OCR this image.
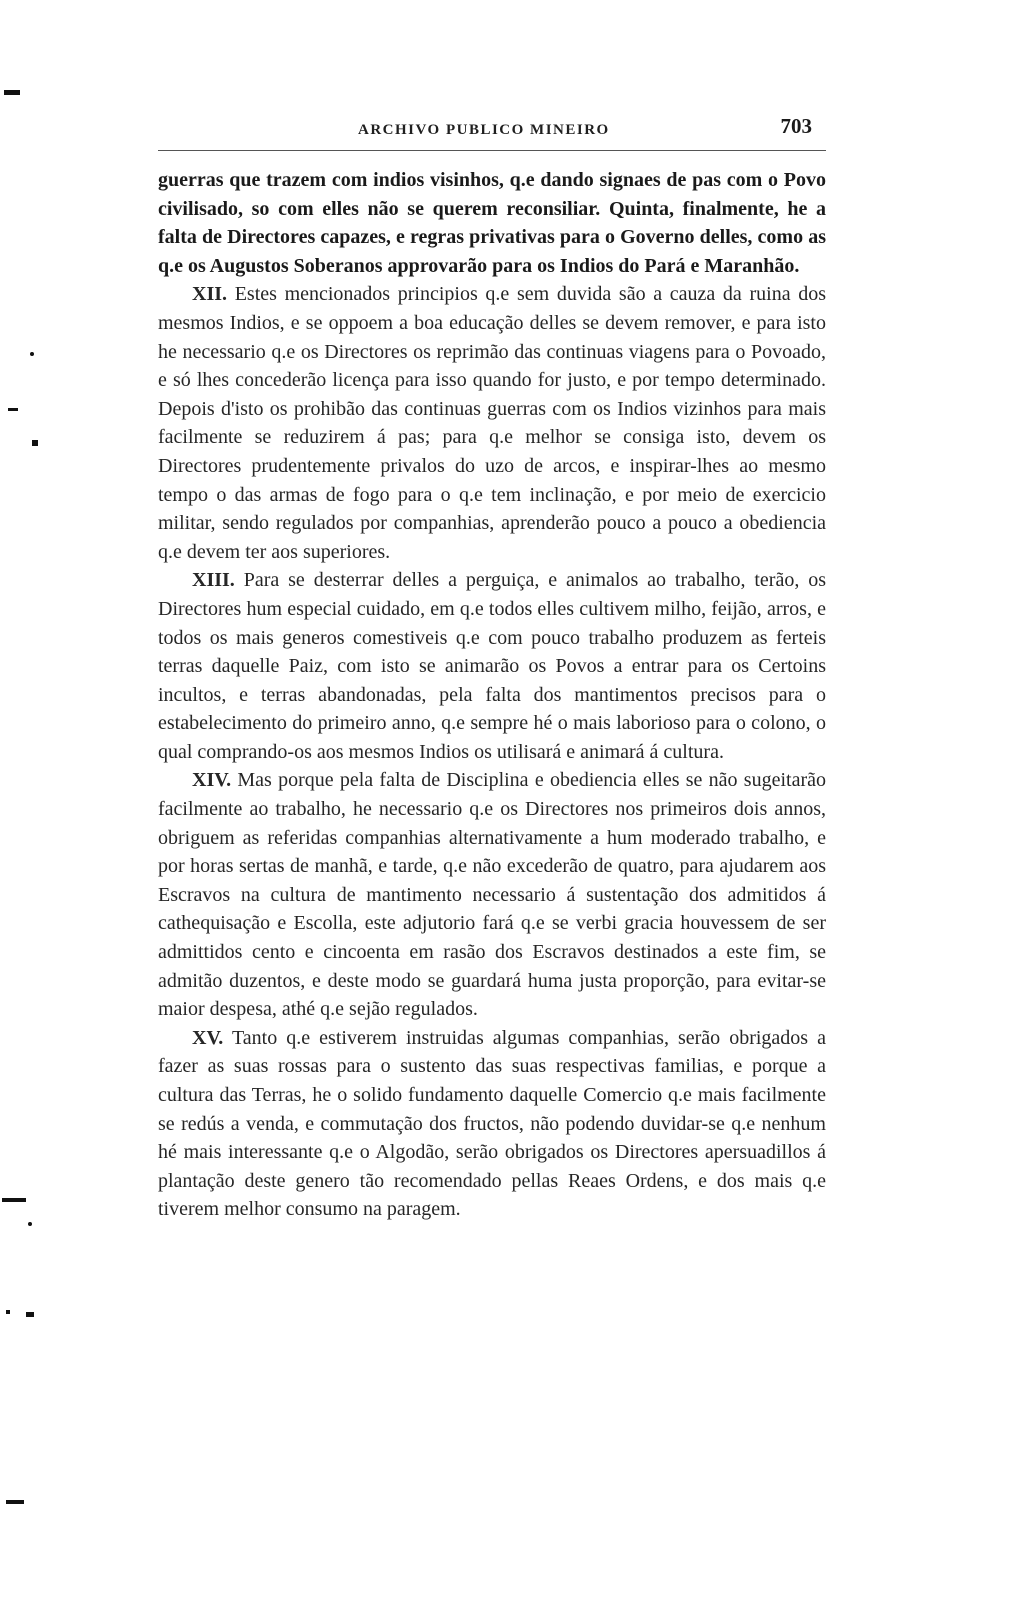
ARCHIVO PUBLICO MINEIRO	703

guerras que trazem com indios visinhos, q.e dando signaes de pas com o Povo civilisado, so com elles não se querem reconsiliar. Quinta, finalmente, he a falta de Directores capazes, e regras privativas para o Governo delles, como as q.e os Augustos Soberanos approvarão para os Indios do Pará e Maranhão.

XII. Estes mencionados principios q.e sem duvida são a cauza da ruina dos mesmos Indios, e se oppoem a boa educação delles se devem remover, e para isto he necessario q.e os Directores os reprimão das continuas viagens para o Povoado, e só lhes concederão licença para isso quando for justo, e por tempo determinado. Depois d'isto os prohibão das continuas guerras com os Indios vizinhos para mais facilmente se reduzirem á pas; para q.e melhor se consiga isto, devem os Directores prudentemente privalos do uzo de arcos, e inspirar-lhes ao mesmo tempo o das armas de fogo para o q.e tem inclinação, e por meio de exercicio militar, sendo regulados por companhias, aprenderão pouco a pouco a obediencia q.e devem ter aos superiores.

XIII. Para se desterrar delles a perguiça, e animalos ao trabalho, terão, os Directores hum especial cuidado, em q.e todos elles cultivem milho, feijão, arros, e todos os mais generos comestiveis q.e com pouco trabalho produzem as ferteis terras daquelle Paiz, com isto se animarão os Povos a entrar para os Certoins incultos, e terras abandonadas, pela falta dos mantimentos precisos para o estabelecimento do primeiro anno, q.e sempre hé o mais laborioso para o colono, o qual comprando-os aos mesmos Indios os utilisará e animará á cultura.

XIV. Mas porque pela falta de Disciplina e obediencia elles se não sugeitarão facilmente ao trabalho, he necessario q.e os Directores nos primeiros dois annos, obriguem as referidas companhias alternativamente a hum moderado trabalho, e por horas sertas de manhã, e tarde, q.e não excederão de quatro, para ajudarem aos Escravos na cultura de mantimento necessario á sustentação dos admitidos á cathequisação e Escolla, este adjutorio fará q.e se verbi gracia houvessem de ser admittidos cento e cincoenta em rasão dos Escravos destinados a este fim, se admitão duzentos, e deste modo se guardará huma justa proporção, para evitar-se maior despesa, athé q.e sejão regulados.

XV. Tanto q.e estiverem instruidas algumas companhias, serão obrigados a fazer as suas rossas para o sustento das suas respectivas familias, e porque a cultura das Terras, he o solido fundamento daquelle Comercio q.e mais facilmente se redús a venda, e commutação dos fructos, não podendo duvidar-se q.e nenhum hé mais interessante q.e o Algodão, serão obrigados os Directores apersuadillos á plantação deste genero tão recomendado pellas Reaes Ordens, e dos mais q.e tiverem melhor consumo na paragem.
